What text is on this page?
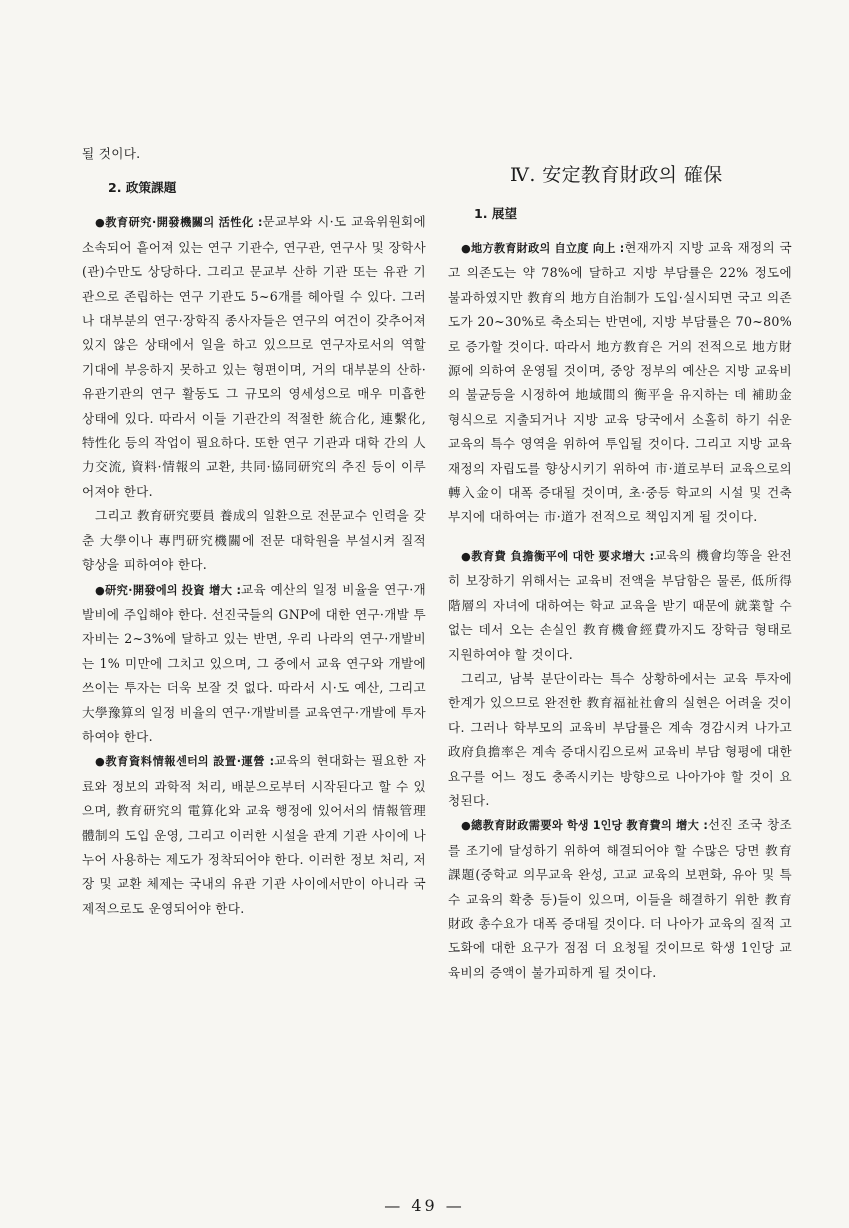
될 것이다.

2. 政策課題

●教育研究·開發機關의 活性化 :문교부와 시·도 교육위원회에 소속되어 흩어져 있는 연구 기관수, 연구관, 연구사 및 장학사(관)수만도 상당하다. 그리고 문교부 산하 기관 또는 유관 기관으로 존립하는 연구 기관도 5~6개를 헤아릴 수 있다. 그러나 대부분의 연구·장학직 종사자들은 연구의 여건이 갖추어져 있지 않은 상태에서 일을 하고 있으므로 연구자로서의 역할 기대에 부응하지 못하고 있는 형편이며, 거의 대부분의 산하·유관기관의 연구 활동도 그 규모의 영세성으로 매우 미흡한 상태에 있다. 따라서 이들 기관간의 적절한 統合化, 連繫化, 特性化 등의 작업이 필요하다. 또한 연구 기관과 대학 간의 人力交流, 資料·情報의 교환, 共同·協同研究의 추진 등이 이루어져야 한다.

그리고 教育研究要員 養成의 일환으로 전문교수 인력을 갖춘 大學이나 專門研究機關에 전문 대학원을 부설시켜 질적 향상을 피하여야 한다.

●研究·開發에의 投資 增大 :교육 예산의 일정 비율을 연구·개발비에 주입해야 한다. 선진국들의 GNP에 대한 연구·개발 투자비는 2~3%에 달하고 있는 반면, 우리 나라의 연구·개발비는 1% 미만에 그치고 있으며, 그 중에서 교육 연구와 개발에 쓰이는 투자는 더욱 보잘 것 없다. 따라서 시·도 예산, 그리고 大學豫算의 일정 비율의 연구·개발비를 교육연구·개발에 투자하여야 한다.

●教育資料情報센터의 設置·運營 :교육의 현대화는 필요한 자료와 정보의 과학적 처리, 배분으로부터 시작된다고 할 수 있으며, 教育研究의 電算化와 교육 행정에 있어서의 情報管理體制의 도입 운영, 그리고 이러한 시설을 관계 기관 사이에 나누어 사용하는 제도가 정착되어야 한다. 이러한 정보 처리, 저장 및 교환 체제는 국내의 유관 기관 사이에서만이 아니라 국제적으로도 운영되어야 한다.

Ⅳ. 安定教育財政의 確保
1. 展望

●地方教育財政의 自立度 向上 :현재까지 지방 교육 재정의 국고 의존도는 약 78%에 달하고 지방 부담률은 22% 정도에 불과하였지만 教育의 地方自治制가 도입·실시되면 국고 의존도가 20~30%로 축소되는 반면에, 지방 부담률은 70~80%로 증가할 것이다. 따라서 地方教育은 거의 전적으로 地方財源에 의하여 운영될 것이며, 중앙 정부의 예산은 지방 교육비의 불균등을 시정하여 地域間의 衡平을 유지하는 데 補助金 형식으로 지출되거나 지방 교육 당국에서 소홀히 하기 쉬운 교육의 특수 영역을 위하여 투입될 것이다. 그리고 지방 교육 재정의 자립도를 향상시키기 위하여 市·道로부터 교육으로의 轉入金이 대폭 증대될 것이며, 초·중등 학교의 시설 및 건축 부지에 대하여는 市·道가 전적으로 책임지게 될 것이다.

●教育費 負擔衡平에 대한 要求增大 :교육의 機會均等을 완전히 보장하기 위해서는 교육비 전액을 부담함은 물론, 低所得階層의 자녀에 대하여는 학교 교육을 받기 때문에 就業할 수 없는 데서 오는 손실인 教育機會經費까지도 장학금 형태로 지원하여야 할 것이다.

그리고, 남북 분단이라는 특수 상황하에서는 교육 투자에 한계가 있으므로 완전한 教育福祉社會의 실현은 어려울 것이다. 그러나 학부모의 교육비 부담률은 계속 경감시켜 나가고 政府負擔率은 계속 증대시킴으로써 교육비 부담 형평에 대한 요구를 어느 정도 충족시키는 방향으로 나아가야 할 것이 요청된다.

●總教育財政需要와 학생 1인당 教育費의 增大 :선진 조국 창조를 조기에 달성하기 위하여 해결되어야 할 수많은 당면 教育課題(중학교 의무교육 완성, 고교 교육의 보편화, 유아 및 특수 교육의 확충 등)들이 있으며, 이들을 해결하기 위한 教育財政 총수요가 대폭 증대될 것이다. 더 나아가 교육의 질적 고도화에 대한 요구가 점점 더 요청될 것이므로 학생 1인당 교육비의 증액이 불가피하게 될 것이다.

— 49 —
